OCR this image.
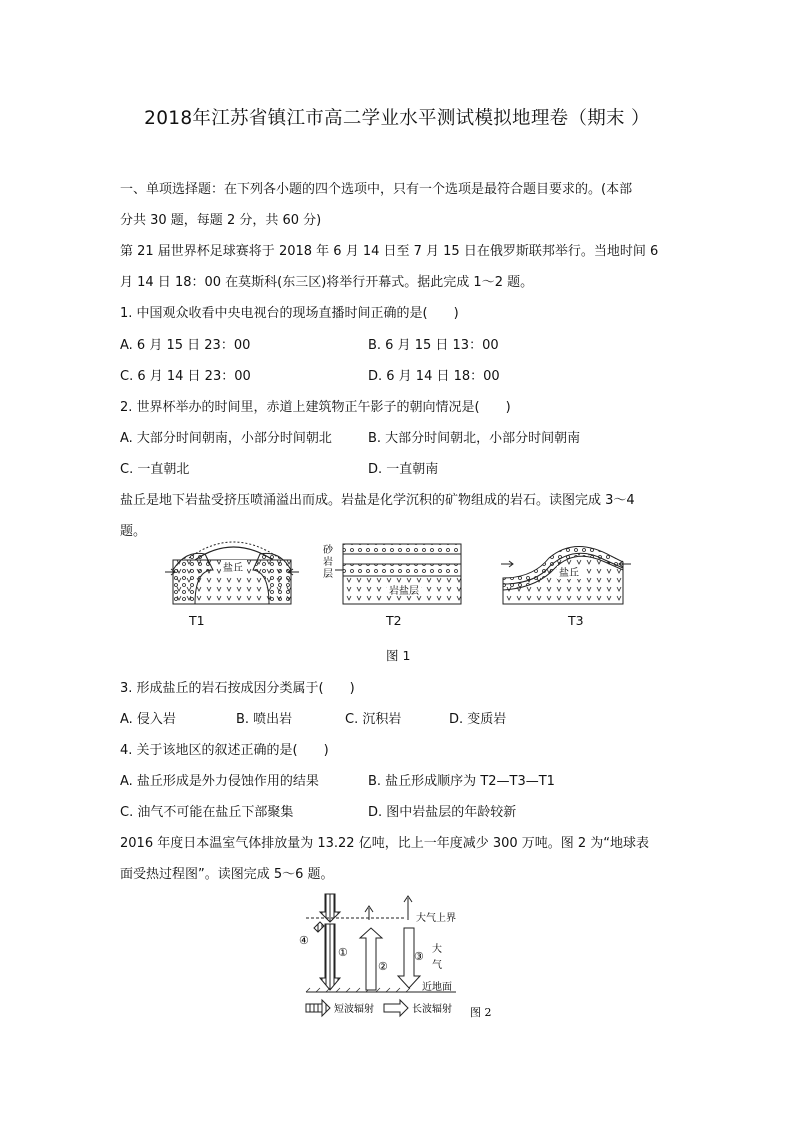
2018年江苏省镇江市高二学业水平测试模拟地理卷（期末 ）
一、单项选择题：在下列各小题的四个选项中，只有一个选项是最符合题目要求的。(本部
分共 30 题，每题 2 分，共 60 分)
第 21 届世界杯足球赛将于 2018 年 6 月 14 日至 7 月 15 日在俄罗斯联邦举行。当地时间 6
月 14 日 18：00 在莫斯科(东三区)将举行开幕式。据此完成 1～2 题。
1. 中国观众收看中央电视台的现场直播时间正确的是(　　)
A. 6 月 15 日 23：00	B. 6 月 15 日 13：00
C. 6 月 14 日 23：00	D. 6 月 14 日 18：00
2. 世界杯举办的时间里，赤道上建筑物正午影子的朝向情况是(　　)
A. 大部分时间朝南，小部分时间朝北	B. 大部分时间朝北，小部分时间朝南
C. 一直朝北	D. 一直朝南
盐丘是地下岩盐受挤压喷涌溢出而成。岩盐是化学沉积的矿物组成的岩石。读图完成 3～4
题。
盐丘
砂
岩
层
岩盐层
盐丘
T1	T2	T3
图 1
3. 形成盐丘的岩石按成因分类属于(　　)
A. 侵入岩	B. 喷出岩	C. 沉积岩	D. 变质岩
4. 关于该地区的叙述正确的是(　　)
A. 盐丘形成是外力侵蚀作用的结果	B. 盐丘形成顺序为 T2—T3—T1
C. 油气不可能在盐丘下部聚集	D. 图中岩盐层的年龄较新
2016 年度日本温室气体排放量为 13.22 亿吨，比上一年度减少 300 万吨。图 2 为“地球表
面受热过程图”。读图完成 5～6 题。
大气上界
近地面
大
气
①
②
③
④
短波辐射	长波辐射 图 2
